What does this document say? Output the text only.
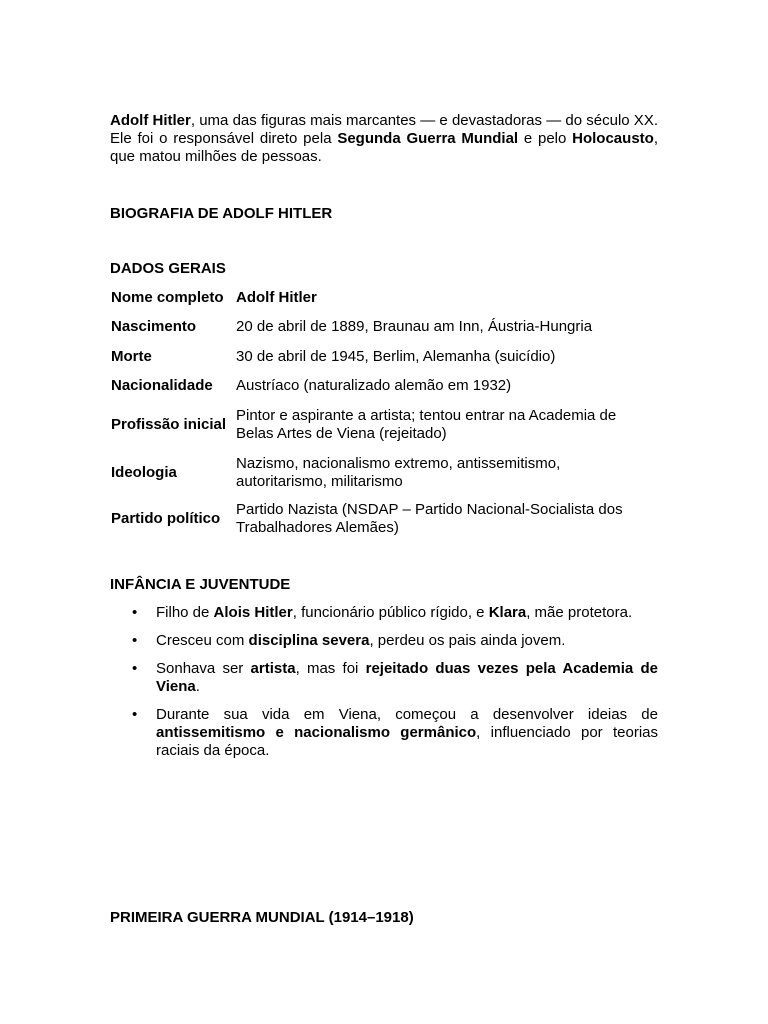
Adolf Hitler, uma das figuras mais marcantes — e devastadoras — do século XX. Ele foi o responsável direto pela Segunda Guerra Mundial e pelo Holocausto, que matou milhões de pessoas.

BIOGRAFIA DE ADOLF HITLER
DADOS GERAIS
Nome completo	Adolf Hitler
Nascimento	20 de abril de 1889, Braunau am Inn, Áustria-Hungria
Morte	30 de abril de 1945, Berlim, Alemanha (suicídio)
Nacionalidade	Austríaco (naturalizado alemão em 1932)
Profissão inicial	Pintor e aspirante a artista; tentou entrar na Academia de Belas Artes de Viena (rejeitado)
Ideologia	Nazismo, nacionalismo extremo, antissemitismo, autoritarismo, militarismo
Partido político	Partido Nazista (NSDAP – Partido Nacional-Socialista dos Trabalhadores Alemães)
INFÂNCIA E JUVENTUDE
• Filho de Alois Hitler, funcionário público rígido, e Klara, mãe protetora.
• Cresceu com disciplina severa, perdeu os pais ainda jovem.
• Sonhava ser artista, mas foi rejeitado duas vezes pela Academia de Viena.
• Durante sua vida em Viena, começou a desenvolver ideias de antissemitismo e nacionalismo germânico, influenciado por teorias raciais da época.
PRIMEIRA GUERRA MUNDIAL (1914–1918)
